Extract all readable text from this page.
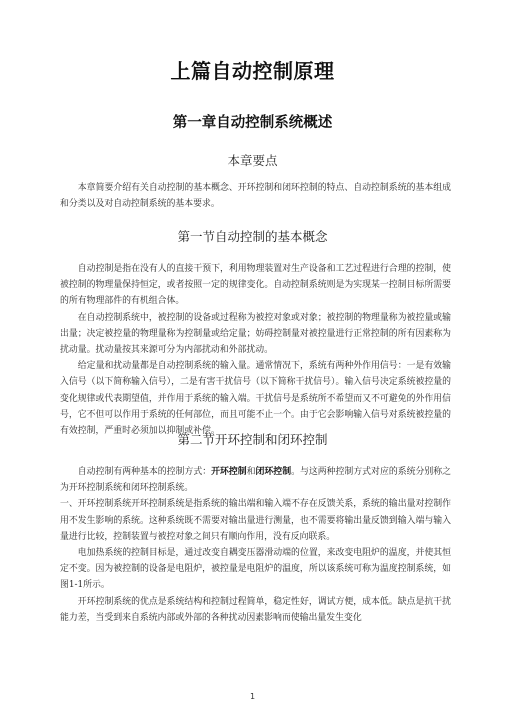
上篇自动控制原理
第一章自动控制系统概述
本章要点

本章简要介绍有关自动控制的基本概念、开环控制和闭环控制的特点、自动控制系统的基本组成和分类以及对自动控制系统的基本要求。

第一节自动控制的基本概念

自动控制是指在没有人的直接干预下，利用物理装置对生产设备和工艺过程进行合理的控制，使被控制的物理量保持恒定，或者按照一定的规律变化。自动控制系统则是为实现某一控制目标所需要的所有物理部件的有机组合体。

在自动控制系统中，被控制的设备或过程称为被控对象或对象；被控制的物理量称为被控量或输出量；决定被控量的物理量称为控制量或给定量；妨碍控制量对被控量进行正常控制的所有因素称为扰动量。扰动量按其来源可分为内部扰动和外部扰动。

给定量和扰动量都是自动控制系统的输入量。通常情况下，系统有两种外作用信号：一是有效输入信号（以下简称输入信号），二是有害干扰信号（以下简称干扰信号）。输入信号决定系统被控量的变化规律或代表期望值，并作用于系统的输入端。干扰信号是系统所不希望而又不可避免的外作用信号，它不但可以作用于系统的任何部位，而且可能不止一个。由于它会影响输入信号对系统被控量的有效控制，严重时必须加以抑制或补偿。

第二节开环控制和闭环控制

自动控制有两种基本的控制方式：开环控制和闭环控制。与这两种控制方式对应的系统分别称之为开环控制系统和闭环控制系统。

一、开环控制系统开环控制系统是指系统的输出端和输入端不存在反馈关系，系统的输出量对控制作用不发生影响的系统。这种系统既不需要对输出量进行测量，也不需要将输出量反馈到输入端与输入量进行比较，控制装置与被控对象之间只有顺向作用，没有反向联系。

电加热系统的控制目标是，通过改变自耦变压器滑动端的位置，来改变电阻炉的温度，并使其恒定不变。因为被控制的设备是电阻炉，被控量是电阻炉的温度，所以该系统可称为温度控制系统，如图1-1所示。

开环控制系统的优点是系统结构和控制过程简单，稳定性好，调试方便，成本低。缺点是抗干扰能力差，当受到来自系统内部或外部的各种扰动因素影响而使输出量发生变化

1
